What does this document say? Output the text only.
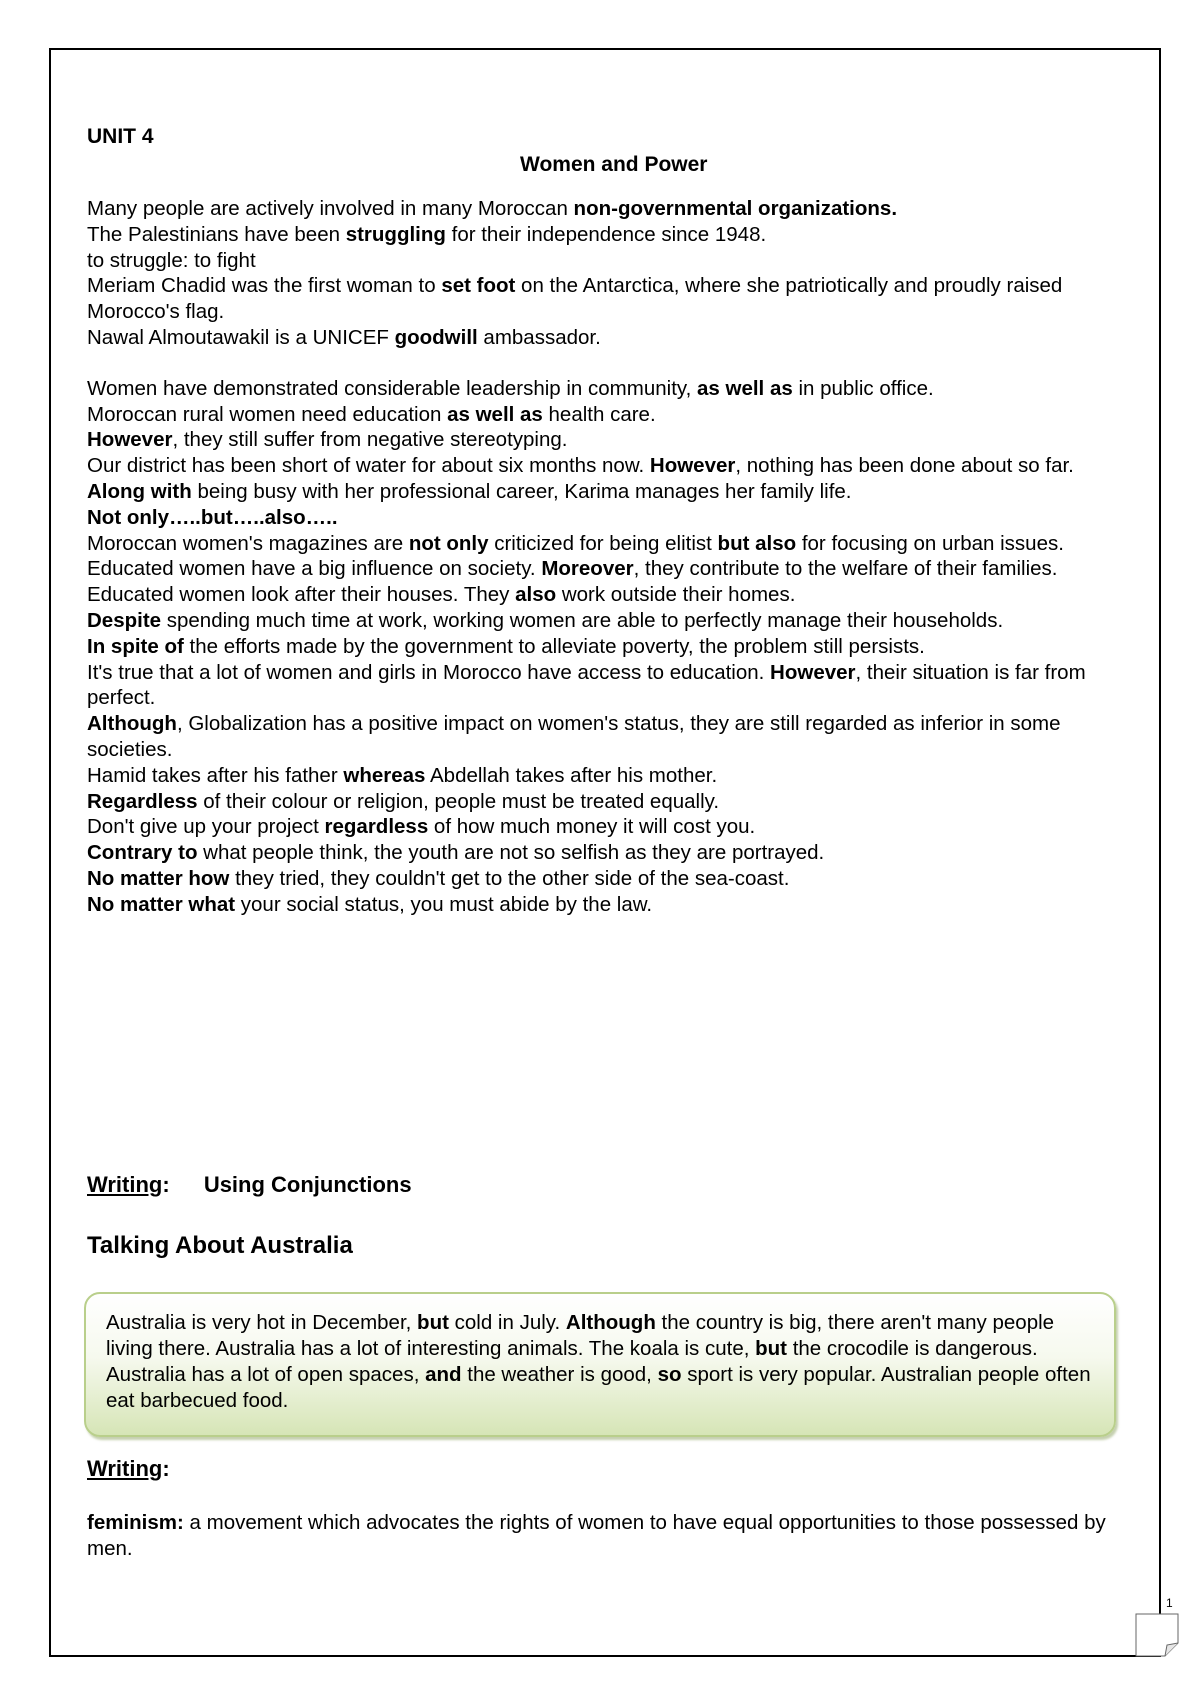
UNIT 4

Women and Power

Many people are actively involved in many Moroccan non-governmental organizations.

The Palestinians have been struggling for their independence since 1948.

to struggle: to fight

Meriam Chadid was the first woman to set foot on the Antarctica, where she patriotically and proudly raised Morocco's flag.

Nawal Almoutawakil is a UNICEF goodwill ambassador.

Women have demonstrated considerable leadership in community, as well as in public office.

Moroccan rural women need education as well as health care.

However, they still suffer from negative stereotyping.

Our district has been short of water for about six months now. However, nothing has been done about so far.

Along with being busy with her professional career, Karima manages her family life.

Not only…..but…..also…..

Moroccan women's magazines are not only criticized for being elitist but also for focusing on urban issues.

Educated women have a big influence on society. Moreover, they contribute to the welfare of their families.

Educated women look after their houses. They also work outside their homes.

Despite spending much time at work, working women are able to perfectly manage their households.

In spite of the efforts made by the government to alleviate poverty, the problem still persists.

It's true that a lot of women and girls in Morocco have access to education. However, their situation is far from perfect.

Although, Globalization has a positive impact on women's status, they are still regarded as inferior in some societies.

Hamid takes after his father whereas Abdellah takes after his mother.

Regardless of their colour or religion, people must be treated equally.

Don't give up your project regardless of how much money it will cost you.

Contrary to what people think, the youth are not so selfish as they are portrayed.

No matter how they tried, they couldn't get to the other side of the sea-coast.

No matter what your social status, you must abide by the law.

Writing: Using Conjunctions
Talking About Australia
Australia is very hot in December, but cold in July. Although the country is big, there aren't many people living there. Australia has a lot of interesting animals. The koala is cute, but the crocodile is dangerous. Australia has a lot of open spaces, and the weather is good, so sport is very popular. Australian people often eat barbecued food.
Writing:
feminism: a movement which advocates the rights of women to have equal opportunities to those possessed by men.
1
